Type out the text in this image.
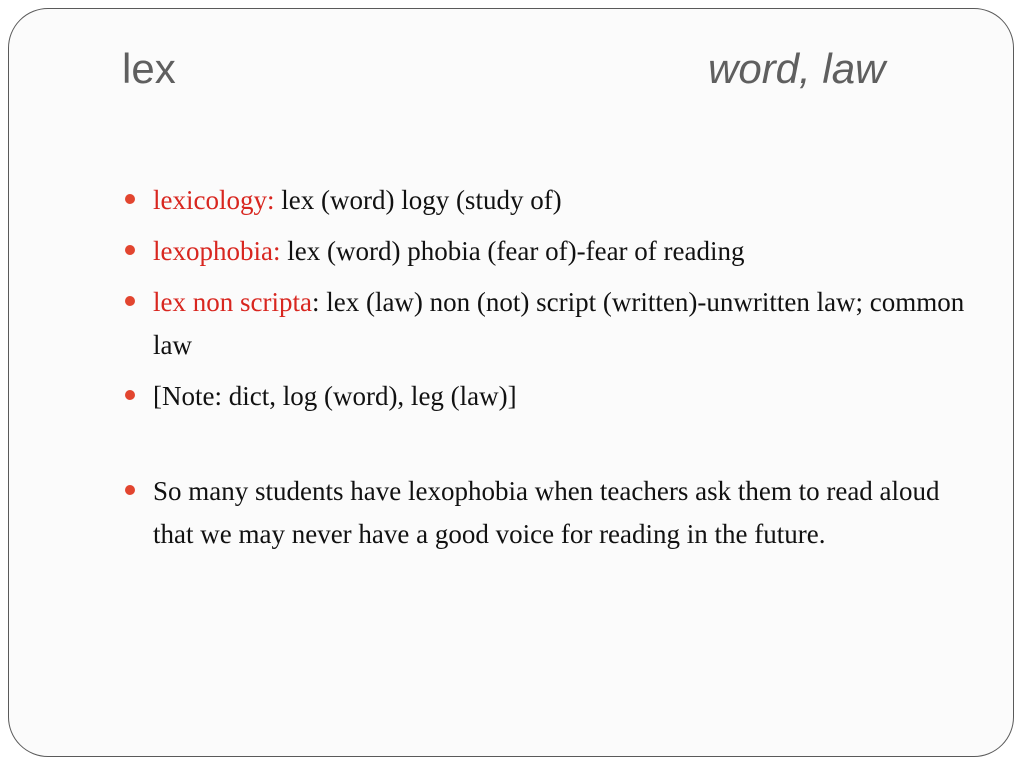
lex	word, law
lexicology: lex (word) logy (study of)
lexophobia: lex (word) phobia (fear of)-fear of reading
lex non scripta: lex (law) non (not) script (written)-unwritten law; common law
[Note: dict, log (word), leg (law)]
So many students have lexophobia when teachers ask them to read aloud that we may never have a good voice for reading in the future.
